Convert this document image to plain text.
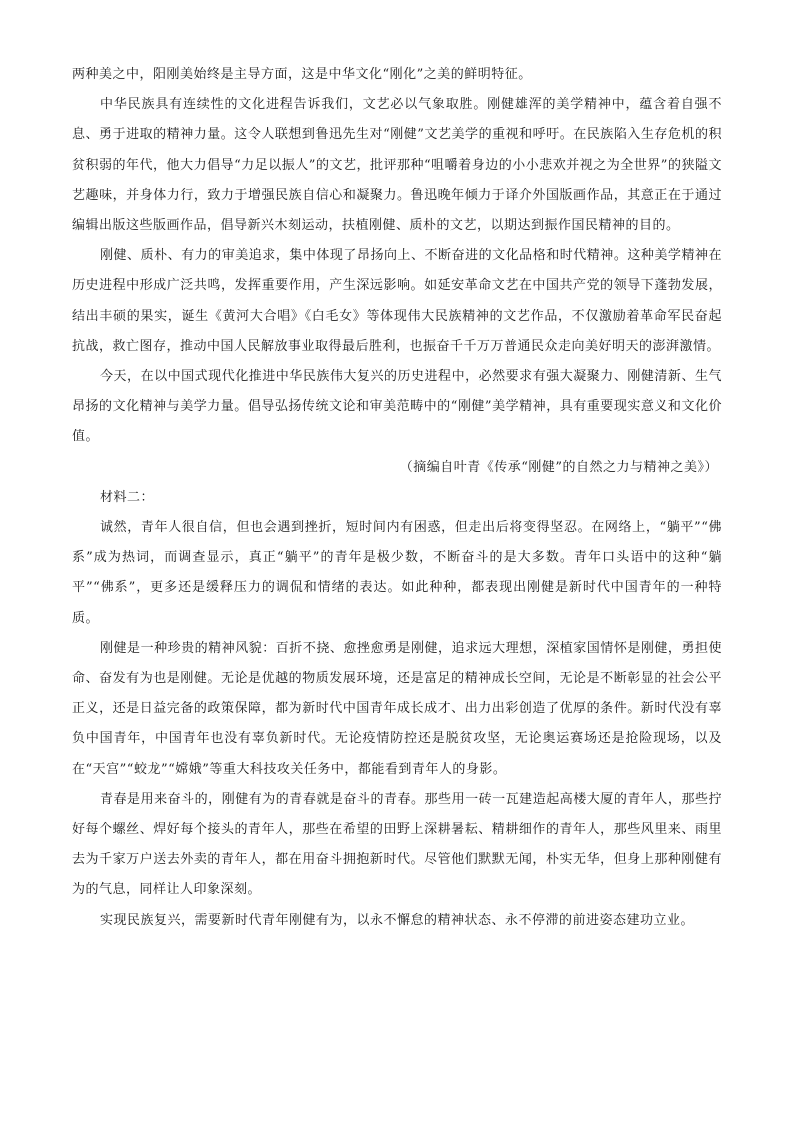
两种美之中，阳刚美始终是主导方面，这是中华文化“刚化”之美的鲜明特征。

中华民族具有连续性的文化进程告诉我们，文艺必以气象取胜。刚健雄浑的美学精神中，蕴含着自强不息、勇于进取的精神力量。这令人联想到鲁迅先生对“刚健”文艺美学的重视和呼吁。在民族陷入生存危机的积贫积弱的年代，他大力倡导“力足以振人”的文艺，批评那种“咀嚼着身边的小小悲欢并视之为全世界”的狭隘文艺趣味，并身体力行，致力于增强民族自信心和凝聚力。鲁迅晚年倾力于译介外国版画作品，其意正在于通过编辑出版这些版画作品，倡导新兴木刻运动，扶植刚健、质朴的文艺，以期达到振作国民精神的目的。

刚健、质朴、有力的审美追求，集中体现了昂扬向上、不断奋进的文化品格和时代精神。这种美学精神在历史进程中形成广泛共鸣，发挥重要作用，产生深远影响。如延安革命文艺在中国共产党的领导下蓬勃发展，结出丰硕的果实，诞生《黄河大合唱》《白毛女》等体现伟大民族精神的文艺作品，不仅激励着革命军民奋起抗战，救亡图存，推动中国人民解放事业取得最后胜利，也振奋千千万万普通民众走向美好明天的澎湃激情。

今天，在以中国式现代化推进中华民族伟大复兴的历史进程中，必然要求有强大凝聚力、刚健清新、生气昂扬的文化精神与美学力量。倡导弘扬传统文论和审美范畴中的“刚健”美学精神，具有重要现实意义和文化价值。

（摘编自叶青《传承“刚健”的自然之力与精神之美》）

材料二：

诚然，青年人很自信，但也会遇到挫折，短时间内有困惑，但走出后将变得坚忍。在网络上，“躺平”“佛系”成为热词，而调查显示，真正“躺平”的青年是极少数，不断奋斗的是大多数。青年口头语中的这种“躺平”“佛系”，更多还是缓释压力的调侃和情绪的表达。如此种种，都表现出刚健是新时代中国青年的一种特质。

刚健是一种珍贵的精神风貌：百折不挠、愈挫愈勇是刚健，追求远大理想，深植家国情怀是刚健，勇担使命、奋发有为也是刚健。无论是优越的物质发展环境，还是富足的精神成长空间，无论是不断彰显的社会公平正义，还是日益完备的政策保障，都为新时代中国青年成长成才、出力出彩创造了优厚的条件。新时代没有辜负中国青年，中国青年也没有辜负新时代。无论疫情防控还是脱贫攻坚，无论奥运赛场还是抢险现场，以及在“天宫”“蛟龙”“嫦娥”等重大科技攻关任务中，都能看到青年人的身影。

青春是用来奋斗的，刚健有为的青春就是奋斗的青春。那些用一砖一瓦建造起高楼大厦的青年人，那些拧好每个螺丝、焊好每个接头的青年人，那些在希望的田野上深耕暑耘、精耕细作的青年人，那些风里来、雨里去为千家万户送去外卖的青年人，都在用奋斗拥抱新时代。尽管他们默默无闻，朴实无华，但身上那种刚健有为的气息，同样让人印象深刻。

实现民族复兴，需要新时代青年刚健有为，以永不懈怠的精神状态、永不停滞的前进姿态建功立业。
